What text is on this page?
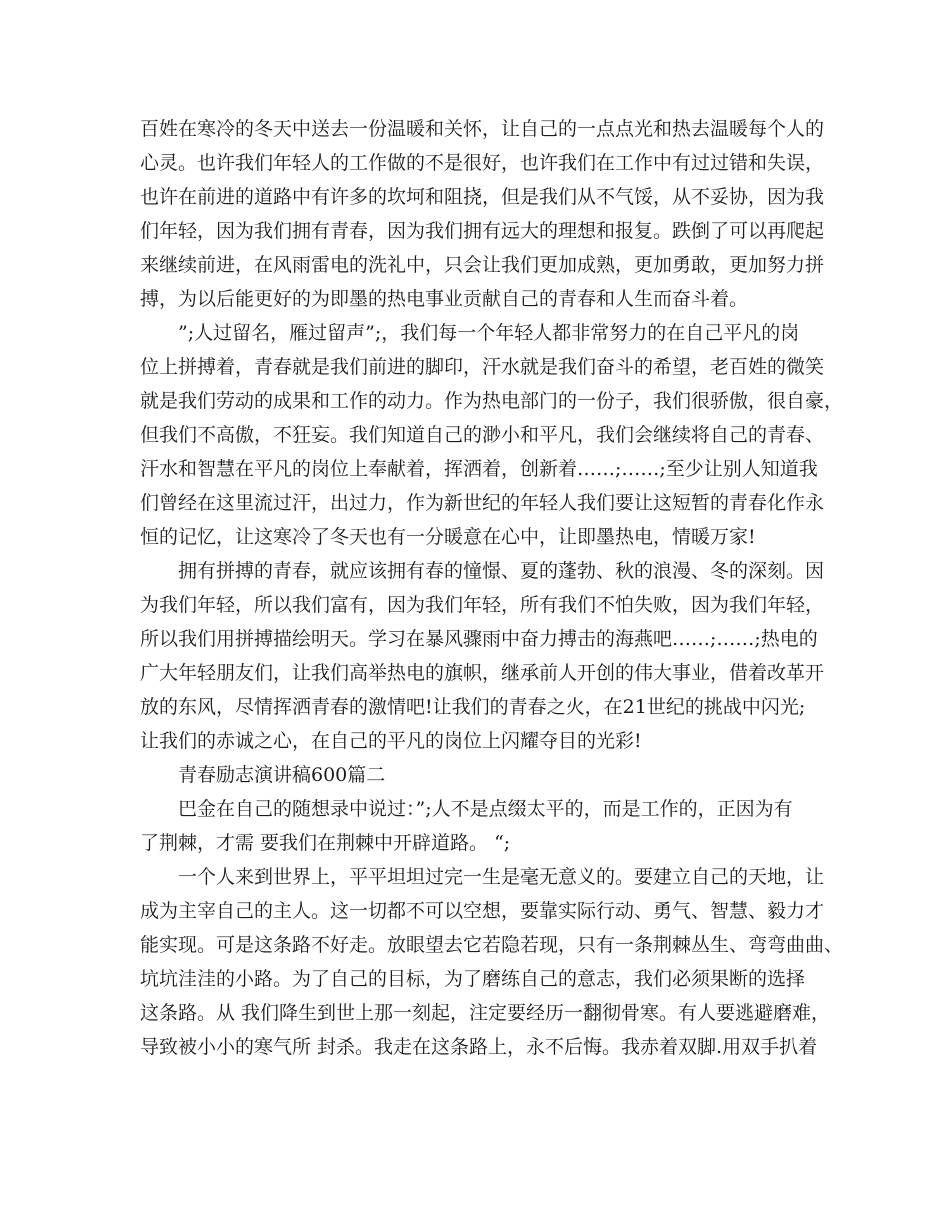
百姓在寒冷的冬天中送去一份温暖和关怀，让自己的一点点光和热去温暖每个人的
心灵。也许我们年轻人的工作做的不是很好，也许我们在工作中有过过错和失误，
也许在前进的道路中有许多的坎坷和阻挠，但是我们从不气馁，从不妥协，因为我
们年轻，因为我们拥有青春，因为我们拥有远大的理想和报复。跌倒了可以再爬起
来继续前进，在风雨雷电的洗礼中，只会让我们更加成熟，更加勇敢，更加努力拼
搏，为以后能更好的为即墨的热电事业贡献自己的青春和人生而奋斗着。
　　”;人过留名，雁过留声”;，我们每一个年轻人都非常努力的在自己平凡的岗
位上拼搏着，青春就是我们前进的脚印，汗水就是我们奋斗的希望，老百姓的微笑
就是我们劳动的成果和工作的动力。作为热电部门的一份子，我们很骄傲，很自豪，
但我们不高傲，不狂妄。我们知道自己的渺小和平凡，我们会继续将自己的青春、
汗水和智慧在平凡的岗位上奉献着，挥洒着，创新着……;……;至少让别人知道我
们曾经在这里流过汗，出过力，作为新世纪的年轻人我们要让这短暂的青春化作永
恒的记忆，让这寒冷了冬天也有一分暖意在心中，让即墨热电，情暖万家!
　　拥有拼搏的青春，就应该拥有春的憧憬、夏的蓬勃、秋的浪漫、冬的深刻。因
为我们年轻，所以我们富有，因为我们年轻，所有我们不怕失败，因为我们年轻，
所以我们用拼搏描绘明天。学习在暴风骤雨中奋力搏击的海燕吧……;……;热电的
广大年轻朋友们，让我们高举热电的旗帜，继承前人开创的伟大事业，借着改革开
放的东风，尽情挥洒青春的激情吧!让我们的青春之火，在21世纪的挑战中闪光;
让我们的赤诚之心，在自己的平凡的岗位上闪耀夺目的光彩!
　　青春励志演讲稿600篇二
　　巴金在自己的随想录中说过：”;人不是点缀太平的，而是工作的，正因为有
了荆棘，才需 要我们在荆棘中开辟道路。 “;
　　一个人来到世界上，平平坦坦过完一生是毫无意义的。要建立自己的天地，让
成为主宰自己的主人。这一切都不可以空想，要靠实际行动、勇气、智慧、毅力才
能实现。可是这条路不好走。放眼望去它若隐若现，只有一条荆棘丛生、弯弯曲曲、
坑坑洼洼的小路。为了自己的目标，为了磨练自己的意志，我们必须果断的选择
这条路。从 我们降生到世上那一刻起，注定要经历一翻彻骨寒。有人要逃避磨难，
导致被小小的寒气所 封杀。我走在这条路上，永不后悔。我赤着双脚.用双手扒着
